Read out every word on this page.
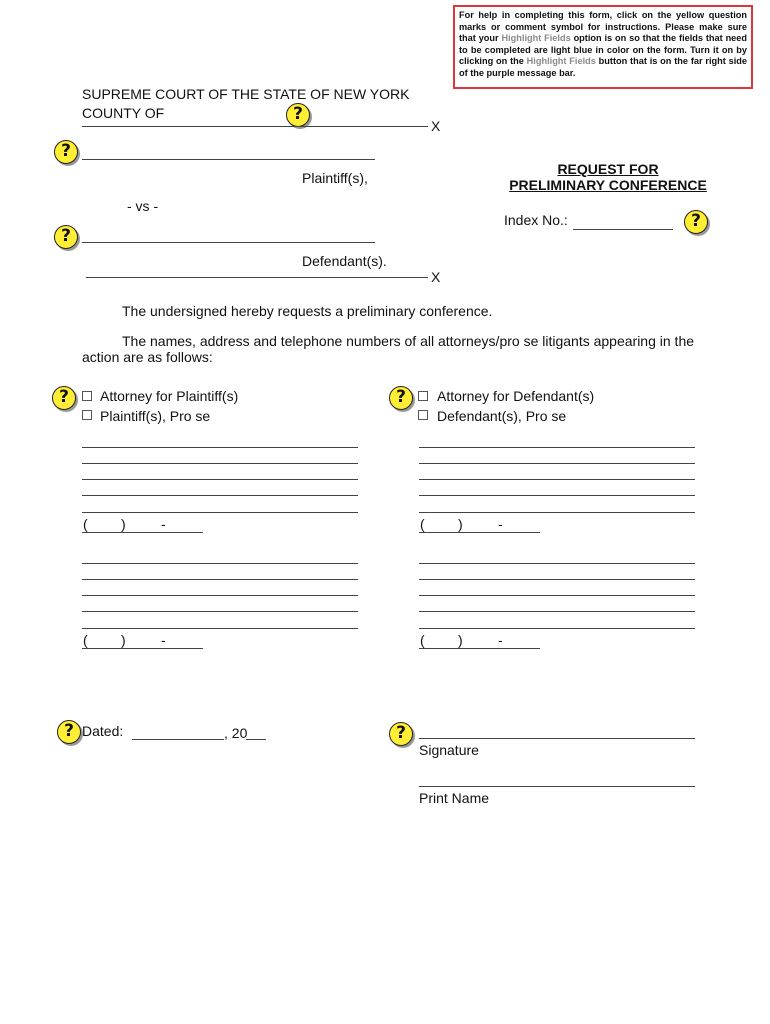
For help in completing this form, click on the yellow question marks or comment symbol for instructions. Please make sure that your Highlight Fields option is on so that the fields that need to be completed are light blue in color on the form. Turn it on by clicking on the Highlight Fields button that is on the far right side of the purple message bar.
SUPREME COURT OF THE STATE OF NEW YORK
COUNTY OF	?
X
?
Plaintiff(s),
- vs -
?
Defendant(s).
X
REQUEST FOR
PRELIMINARY CONFERENCE
Index No.:	?
The undersigned hereby requests a preliminary conference.
The names, address and telephone numbers of all attorneys/pro se litigants appearing in the
action are as follows:
?	Attorney for Plaintiff(s)
Plaintiff(s), Pro se
( )	-
( )	-
?	Attorney for Defendant(s)
Defendant(s), Pro se
( )	-
( )	-
? Dated:	, 20	?
Signature
Print Name
